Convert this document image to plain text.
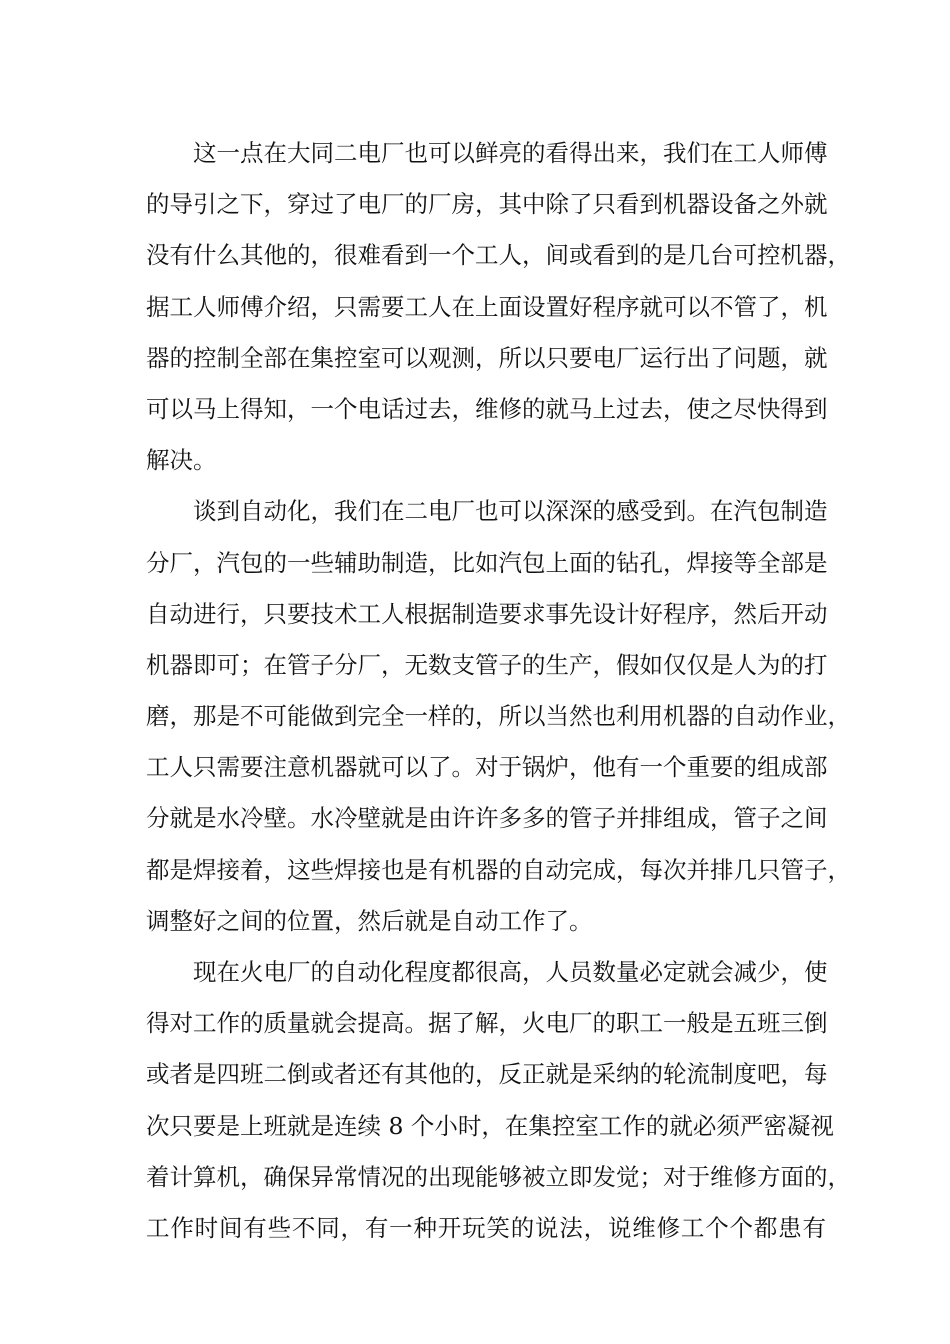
这一点在大同二电厂也可以鲜亮的看得出来，我们在工人师傅
的导引之下，穿过了电厂的厂房，其中除了只看到机器设备之外就
没有什么其他的，很难看到一个工人，间或看到的是几台可控机器，
据工人师傅介绍，只需要工人在上面设置好程序就可以不管了，机
器的控制全部在集控室可以观测，所以只要电厂运行出了问题，就
可以马上得知，一个电话过去，维修的就马上过去，使之尽快得到
解决。
谈到自动化，我们在二电厂也可以深深的感受到。在汽包制造
分厂，汽包的一些辅助制造，比如汽包上面的钻孔，焊接等全部是
自动进行，只要技术工人根据制造要求事先设计好程序，然后开动
机器即可；在管子分厂，无数支管子的生产，假如仅仅是人为的打
磨，那是不可能做到完全一样的，所以当然也利用机器的自动作业，
工人只需要注意机器就可以了。对于锅炉，他有一个重要的组成部
分就是水冷壁。水冷壁就是由许许多多的管子并排组成，管子之间
都是焊接着，这些焊接也是有机器的自动完成，每次并排几只管子，
调整好之间的位置，然后就是自动工作了。
现在火电厂的自动化程度都很高，人员数量必定就会减少，使
得对工作的质量就会提高。据了解，火电厂的职工一般是五班三倒
或者是四班二倒或者还有其他的，反正就是采纳的轮流制度吧，每
次只要是上班就是连续 8 个小时，在集控室工作的就必须严密凝视
着计算机，确保异常情况的出现能够被立即发觉；对于维修方面的，
工作时间有些不同，有一种开玩笑的说法，说维修工个个都患有
